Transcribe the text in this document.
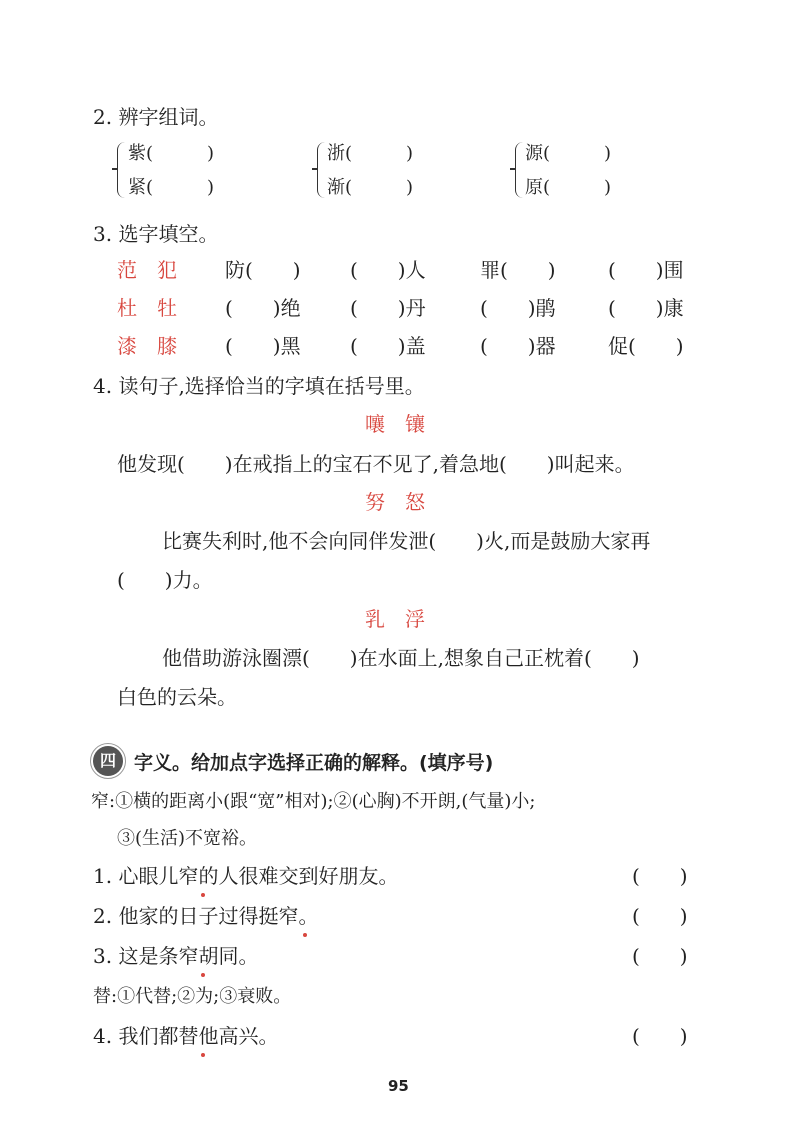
2. 辨字组词。
紫(　　　)
紧(　　　)
浙(　　　)
渐(　　　)
源(　　　)
原(　　　)
3. 选字填空。
范　犯 防(　　) (　　)人	罪(　　)	(　　)围
杜　牡 (　　)绝 (　　)丹	(　　)鹃	(　　)康
漆　膝 (　　)黑 (　　)盖	(　　)器	促(　　)
4. 读句子,选择恰当的字填在括号里。
嚷　镶
他发现(　　)在戒指上的宝石不见了,着急地(　　)叫起来。
努　怒
比赛失利时,他不会向同伴发泄(　　)火,而是鼓励大家再
(　　)力。
乳　浮
他借助游泳圈漂(　　)在水面上,想象自己正枕着(　　)
白色的云朵。
四 字义。给加点字选择正确的解释。(填序号)
窄:①横的距离小(跟“宽”相对);②(心胸)不开朗,(气量)小;
③(生活)不宽裕。
1. 心眼儿窄的人很难交到好朋友。	(　　)
2. 他家的日子过得挺窄。	(　　)
3. 这是条窄胡同。	(　　)
替:①代替;②为;③衰败。
4. 我们都替他高兴。	(　　)
95
